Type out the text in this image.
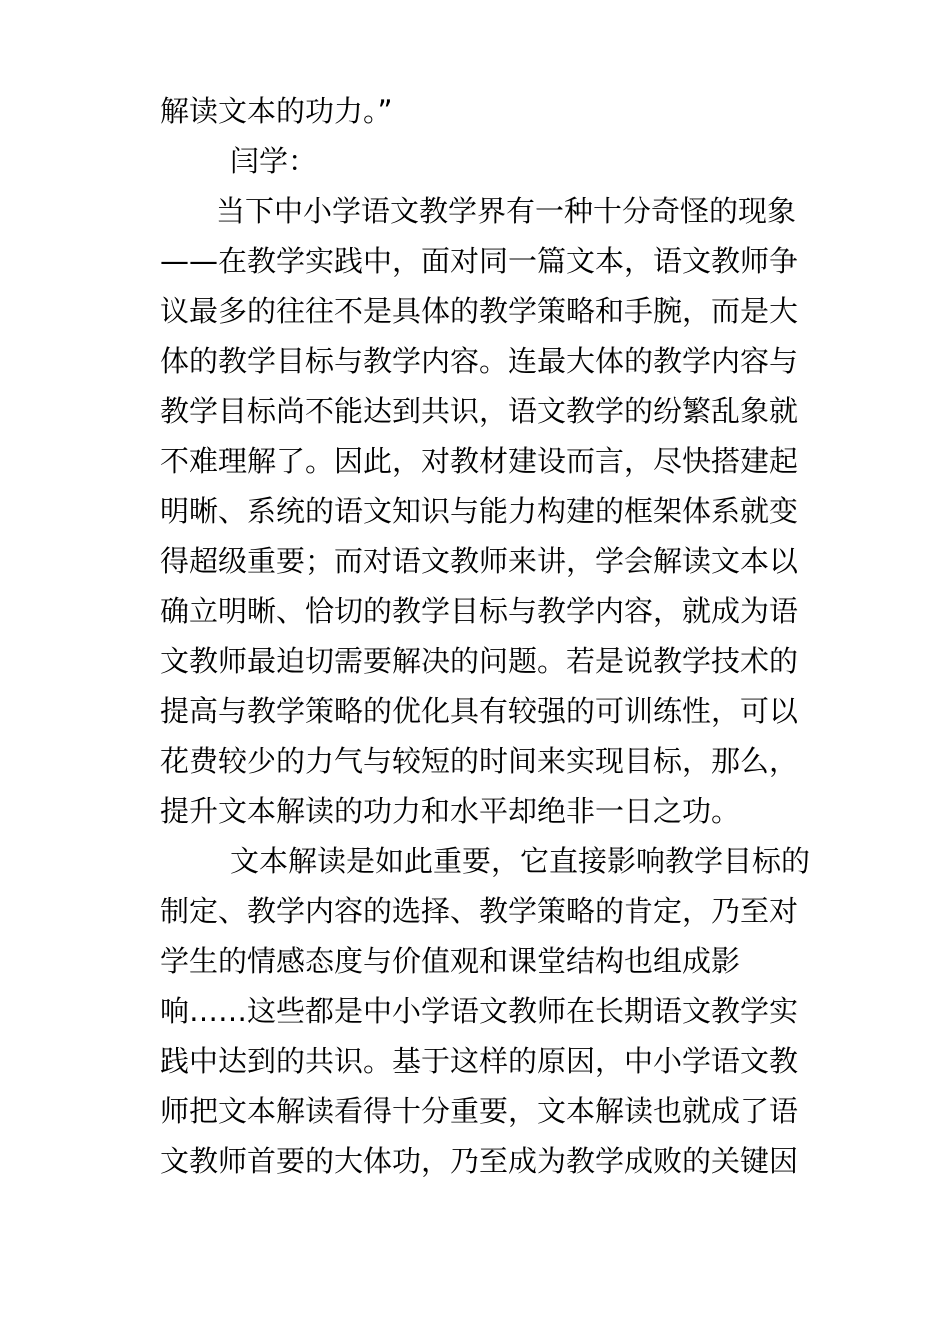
解读文本的功力。”
闫学：
当下中小学语文教学界有一种十分奇怪的现象
——在教学实践中，面对同一篇文本，语文教师争
议最多的往往不是具体的教学策略和手腕，而是大
体的教学目标与教学内容。连最大体的教学内容与
教学目标尚不能达到共识，语文教学的纷繁乱象就
不难理解了。因此，对教材建设而言，尽快搭建起
明晰、系统的语文知识与能力构建的框架体系就变
得超级重要；而对语文教师来讲，学会解读文本以
确立明晰、恰切的教学目标与教学内容，就成为语
文教师最迫切需要解决的问题。若是说教学技术的
提高与教学策略的优化具有较强的可训练性，可以
花费较少的力气与较短的时间来实现目标，那么，
提升文本解读的功力和水平却绝非一日之功。
文本解读是如此重要，它直接影响教学目标的
制定、教学内容的选择、教学策略的肯定，乃至对
学生的情感态度与价值观和课堂结构也组成影
响……这些都是中小学语文教师在长期语文教学实
践中达到的共识。基于这样的原因，中小学语文教
师把文本解读看得十分重要，文本解读也就成了语
文教师首要的大体功，乃至成为教学成败的关键因
